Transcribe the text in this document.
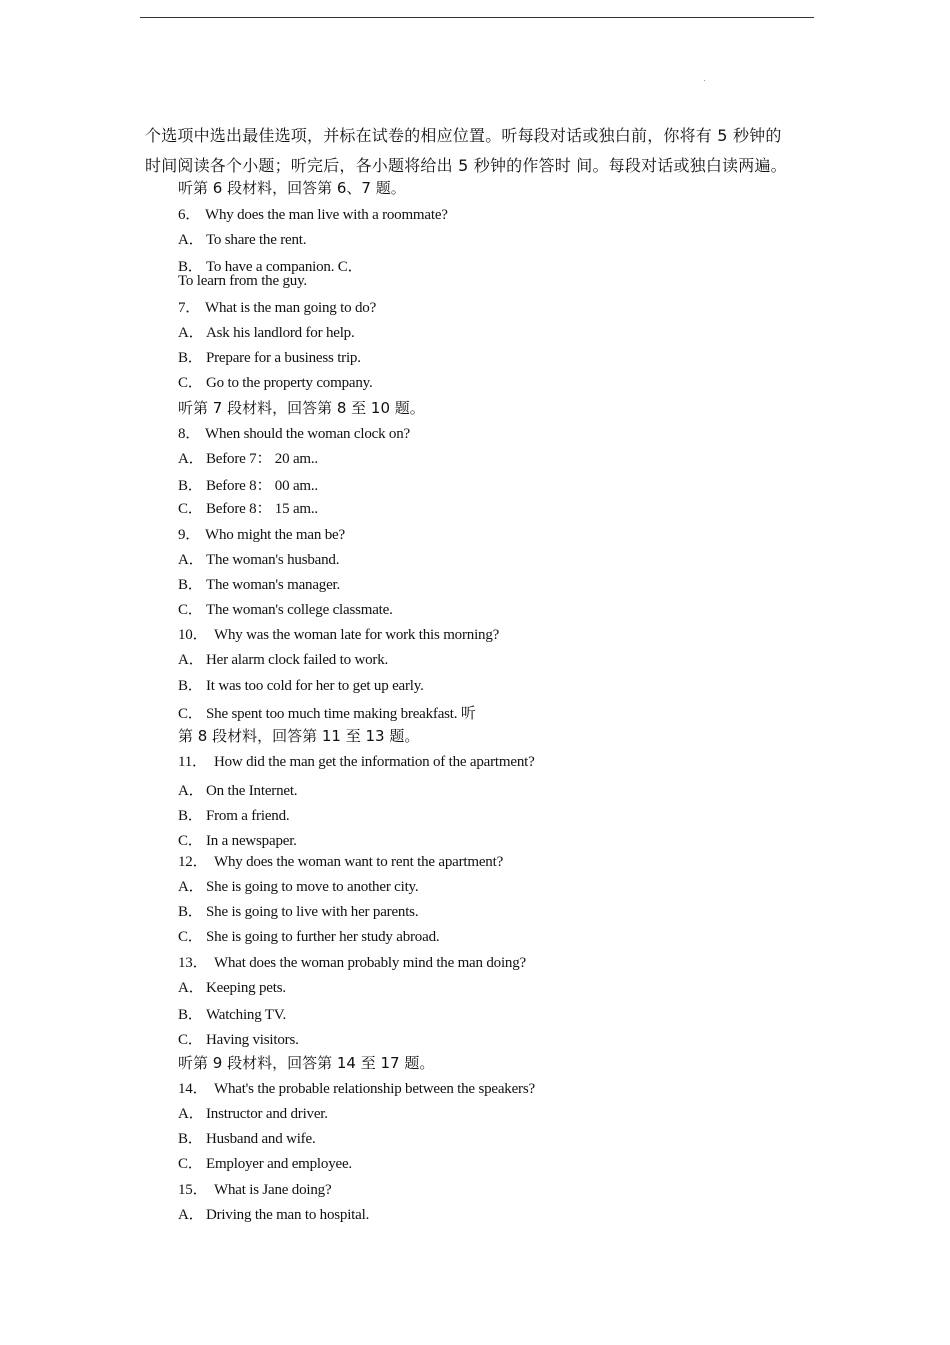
个选项中选出最佳选项，并标在试卷的相应位置。听每段对话或独白前，你将有 5 秒钟的
时间阅读各个小题；听完后，各小题将给出 5 秒钟的作答时 间。每段对话或独白读两遍。
听第 6 段材料，回答第 6、7 题。
6． Why does the man live with a roommate?
A． To share the rent.
B． To have a companion. C．
To learn from the guy.
7． What is the man going to do?
A． Ask his landlord for help.
B． Prepare for a business trip.
C． Go to the property company.
听第 7 段材料，回答第 8 至 10 题。
8． When should the woman clock on?
A． Before 7： 20 am..
B． Before 8： 00 am..
C． Before 8： 15 am..
9． Who might the man be?
A． The woman's husband.
B． The woman's manager.
C． The woman's college classmate.
10． Why was the woman late for work this morning?
A． Her alarm clock failed to work.
B． It was too cold for her to get up early.
C． She spent too much time making breakfast. 听
第 8 段材料，回答第 11 至 13 题。
11． How did the man get the information of the apartment?
A． On the Internet.
B． From a friend.
C． In a newspaper.
12． Why does the woman want to rent the apartment?
A． She is going to move to another city.
B． She is going to live with her parents.
C． She is going to further her study abroad.
13． What does the woman probably mind the man doing?
A． Keeping pets.
B． Watching TV.
C． Having visitors.
听第 9 段材料，回答第 14 至 17 题。
14． What's the probable relationship between the speakers?
A． Instructor and driver.
B． Husband and wife.
C． Employer and employee.
15． What is Jane doing?
A． Driving the man to hospital.
